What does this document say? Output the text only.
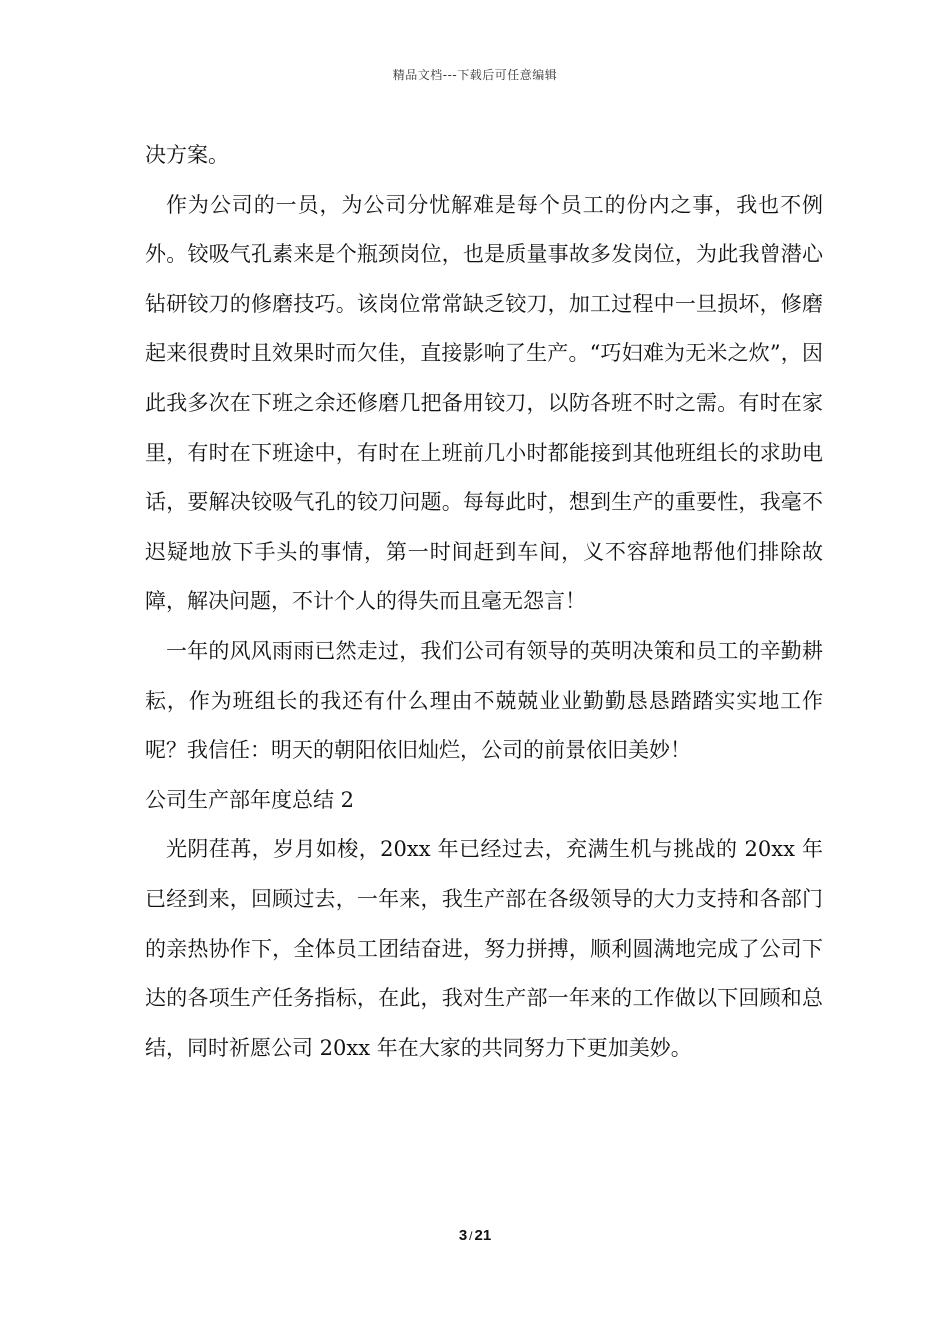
精品文档---下载后可任意编辑

决方案。

作为公司的一员，为公司分忧解难是每个员工的份内之事，我也不例外。铰吸气孔素来是个瓶颈岗位，也是质量事故多发岗位，为此我曾潜心钻研铰刀的修磨技巧。该岗位常常缺乏铰刀，加工过程中一旦损坏，修磨起来很费时且效果时而欠佳，直接影响了生产。“巧妇难为无米之炊”，因此我多次在下班之余还修磨几把备用铰刀，以防各班不时之需。有时在家里，有时在下班途中，有时在上班前几小时都能接到其他班组长的求助电话，要解决铰吸气孔的铰刀问题。每每此时，想到生产的重要性，我毫不迟疑地放下手头的事情，第一时间赶到车间，义不容辞地帮他们排除故障，解决问题，不计个人的得失而且毫无怨言！

一年的风风雨雨已然走过，我们公司有领导的英明决策和员工的辛勤耕耘，作为班组长的我还有什么理由不兢兢业业勤勤恳恳踏踏实实地工作呢？我信任：明天的朝阳依旧灿烂，公司的前景依旧美妙！

公司生产部年度总结 2

光阴荏苒，岁月如梭，20xx 年已经过去，充满生机与挑战的 20xx 年已经到来，回顾过去，一年来，我生产部在各级领导的大力支持和各部门的亲热协作下，全体员工团结奋进，努力拼搏，顺利圆满地完成了公司下达的各项生产任务指标，在此，我对生产部一年来的工作做以下回顾和总结，同时祈愿公司 20xx 年在大家的共同努力下更加美妙。

3 / 21
